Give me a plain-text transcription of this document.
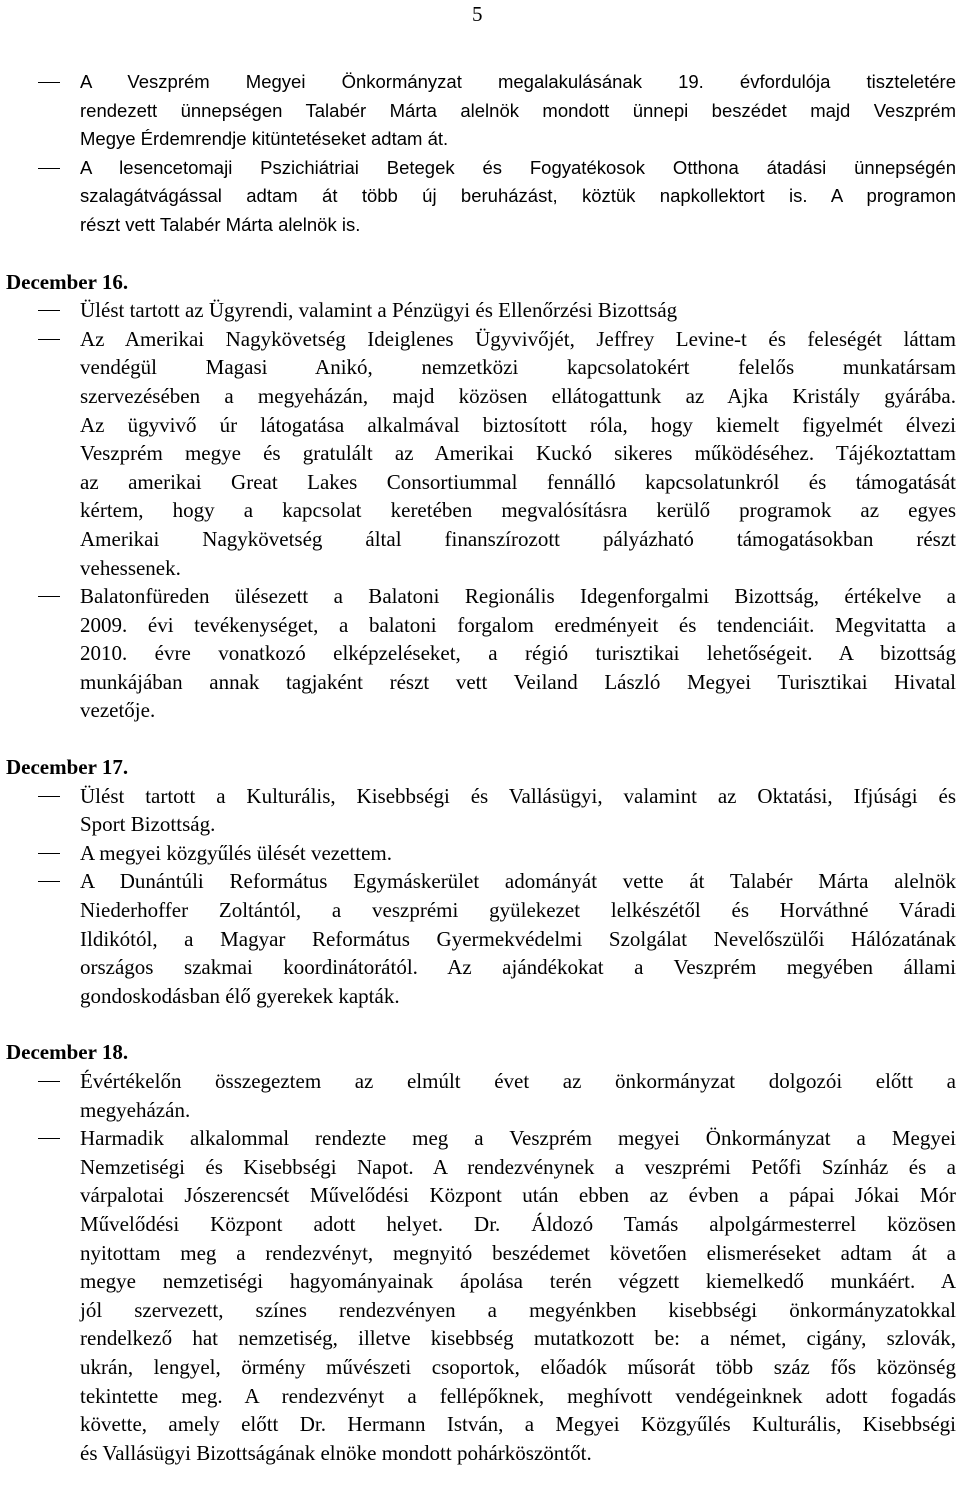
5
A Veszprém Megyei Önkormányzat megalakulásának 19. évfordulója tiszteletére
rendezett ünnepségen Talabér Márta alelnök mondott ünnepi beszédet majd Veszprém
Megye Érdemrendje kitüntetéseket adtam át.
A lesencetomaji Pszichiátriai Betegek és Fogyatékosok Otthona átadási ünnepségén
szalagátvágással adtam át több új beruházást, köztük napkollektort is. A programon
részt vett Talabér Márta alelnök is.
December 16.
Ülést tartott az Ügyrendi, valamint a Pénzügyi és Ellenőrzési Bizottság
Az Amerikai Nagykövetség Ideiglenes Ügyvivőjét, Jeffrey Levine-t és feleségét láttam
vendégül Magasi Anikó, nemzetközi kapcsolatokért felelős munkatársam
szervezésében a megyeházán, majd közösen ellátogattunk az Ajka Kristály gyárába.
Az ügyvivő úr látogatása alkalmával biztosított róla, hogy kiemelt figyelmét élvezi
Veszprém megye és gratulált az Amerikai Kuckó sikeres működéséhez. Tájékoztattam
az amerikai Great Lakes Consortiummal fennálló kapcsolatunkról és támogatását
kértem, hogy a kapcsolat keretében megvalósításra kerülő programok az egyes
Amerikai Nagykövetség által finanszírozott pályázható támogatásokban részt
vehessenek.
Balatonfüreden ülésezett a Balatoni Regionális Idegenforgalmi Bizottság, értékelve a
2009. évi tevékenységet, a balatoni forgalom eredményeit és tendenciáit. Megvitatta a
2010. évre vonatkozó elképzeléseket, a régió turisztikai lehetőségeit. A bizottság
munkájában annak tagjaként részt vett Veiland László Megyei Turisztikai Hivatal
vezetője.
December 17.
Ülést tartott a Kulturális, Kisebbségi és Vallásügyi, valamint az Oktatási, Ifjúsági és
Sport Bizottság.
A megyei közgyűlés ülését vezettem.
A Dunántúli Református Egymáskerület adományát vette át Talabér Márta alelnök
Niederhoffer Zoltántól, a veszprémi gyülekezet lelkészétől és Horváthné Váradi
Ildikótól, a Magyar Református Gyermekvédelmi Szolgálat Nevelőszülői Hálózatának
országos szakmai koordinátorától. Az ajándékokat a Veszprém megyében állami
gondoskodásban élő gyerekek kapták.
December 18.
Évértékelőn összegeztem az elmúlt évet az önkormányzat dolgozói előtt a
megyeházán.
Harmadik alkalommal rendezte meg a Veszprém megyei Önkormányzat a Megyei
Nemzetiségi és Kisebbségi Napot. A rendezvénynek a veszprémi Petőfi Színház és a
várpalotai Jószerencsét Művelődési Központ után ebben az évben a pápai Jókai Mór
Művelődési Központ adott helyet. Dr. Áldozó Tamás alpolgármesterrel közösen
nyitottam meg a rendezvényt, megnyitó beszédemet követően elismeréseket adtam át a
megye nemzetiségi hagyományainak ápolása terén végzett kiemelkedő munkáért. A
jól szervezett, színes rendezvényen a megyénkben kisebbségi önkormányzatokkal
rendelkező hat nemzetiség, illetve kisebbség mutatkozott be: a német, cigány, szlovák,
ukrán, lengyel, örmény művészeti csoportok, előadók műsorát több száz fős közönség
tekintette meg. A rendezvényt a fellépőknek, meghívott vendégeinknek adott fogadás
követte, amely előtt Dr. Hermann István, a Megyei Közgyűlés Kulturális, Kisebbségi
és Vallásügyi Bizottságának elnöke mondott pohárköszöntőt.
